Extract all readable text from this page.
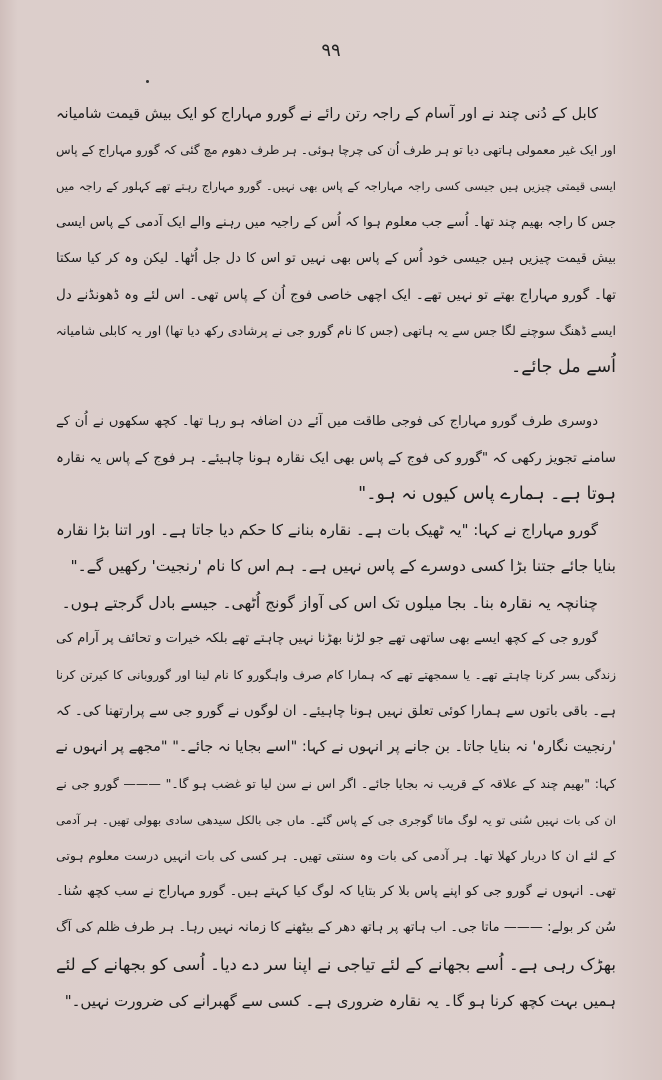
۹۹
کابل کے دُنی چند نے اور آسام کے راجہ رتن رائے نے گورو مہاراج کو ایک بیش قیمت شامیانہ
اور ایک غیر معمولی ہاتھی دیا تو ہر طرف اُن کی چرچا ہوئی۔ ہر طرف دھوم مچ گئی کہ گورو مہاراج کے پاس
ایسی قیمتی چیزیں ہیں جیسی کسی راجہ مہاراجہ کے پاس بھی نہیں۔ گورو مہاراج رہتے تھے کہلور کے راجہ میں
جس کا راجہ بھیم چند تھا۔ اُسے جب معلوم ہوا کہ اُس کے راجیہ میں رہنے والے ایک آدمی کے پاس ایسی
بیش قیمت چیزیں ہیں جیسی خود اُس کے پاس بھی نہیں تو اس کا دل جل اُٹھا۔ لیکن وہ کر کیا سکتا
تھا۔ گورو مہاراج بھتے تو نہیں تھے۔ ایک اچھی خاصی فوج اُن کے پاس تھی۔ اس لئے وہ ڈھونڈنے دل
ایسے ڈھنگ سوچنے لگا جس سے یہ ہاتھی (جس کا نام گورو جی نے پرشادی رکھ دیا تھا) اور یہ کابلی شامیانہ
اُسے مل جائے۔
دوسری طرف گورو مہاراج کی فوجی طاقت میں آئے دن اضافہ ہو رہا تھا۔ کچھ سکھوں نے اُن کے
سامنے تجویز رکھی کہ "گورو کی فوج کے پاس بھی ایک نقارہ ہونا چاہیئے۔ ہر فوج کے پاس یہ نقارہ
ہوتا ہے۔ ہمارے پاس کیوں نہ ہو۔"
گورو مہاراج نے کہا: "یہ ٹھیک بات ہے۔ نقارہ بنانے کا حکم دیا جاتا ہے۔ اور اتنا بڑا نقارہ
بنایا جائے جتنا بڑا کسی دوسرے کے پاس نہیں ہے۔ ہم اس کا نام 'رنجیت' رکھیں گے۔"
چنانچہ یہ نقارہ بنا۔ بجا میلوں تک اس کی آواز گونج اُٹھی۔ جیسے بادل گرجتے ہوں۔
گورو جی کے کچھ ایسے بھی ساتھی تھے جو لڑنا بھڑنا نہیں چاہتے تھے بلکہ خیرات و تحائف پر آرام کی
زندگی بسر کرنا چاہتے تھے۔ یا سمجھتے تھے کہ ہمارا کام صرف واہگورو کا نام لینا اور گوروبانی کا کیرتن کرنا
ہے۔ باقی باتوں سے ہمارا کوئی تعلق نہیں ہونا چاہیئے۔ ان لوگوں نے گورو جی سے پرارتھنا کی۔ کہ
'رنجیت نگارہ' نہ بنایا جاتا۔ بن جانے پر انہوں نے کہا: "اسے بجایا نہ جائے۔" "مجھے پر انہوں نے
کہا: "بھیم چند کے علاقہ کے قریب نہ بجایا جائے۔ اگر اس نے سن لیا تو غضب ہو گا۔" ——— گورو جی نے
ان کی بات نہیں سُنی تو یہ لوگ ماتا گوجری جی کے پاس گئے۔ ماں جی بالکل سیدھی سادی بھولی تھیں۔ ہر آدمی
کے لئے ان کا دربار کھلا تھا۔ ہر آدمی کی بات وہ سنتی تھیں۔ ہر کسی کی بات انہیں درست معلوم ہوتی
تھی۔ انہوں نے گورو جی کو اپنے پاس بلا کر بتایا کہ لوگ کیا کہتے ہیں۔ گورو مہاراج نے سب کچھ سُنا۔
سُن کر بولے: ——— ماتا جی۔ اب ہاتھ پر ہاتھ دھر کے بیٹھنے کا زمانہ نہیں رہا۔ ہر طرف ظلم کی آگ
بھڑک رہی ہے۔ اُسے بجھانے کے لئے تیاجی نے اپنا سر دے دیا۔ اُسی کو بجھانے کے لئے
ہمیں بہت کچھ کرنا ہو گا۔ یہ نقارہ ضروری ہے۔ کسی سے گھبرانے کی ضرورت نہیں۔"
